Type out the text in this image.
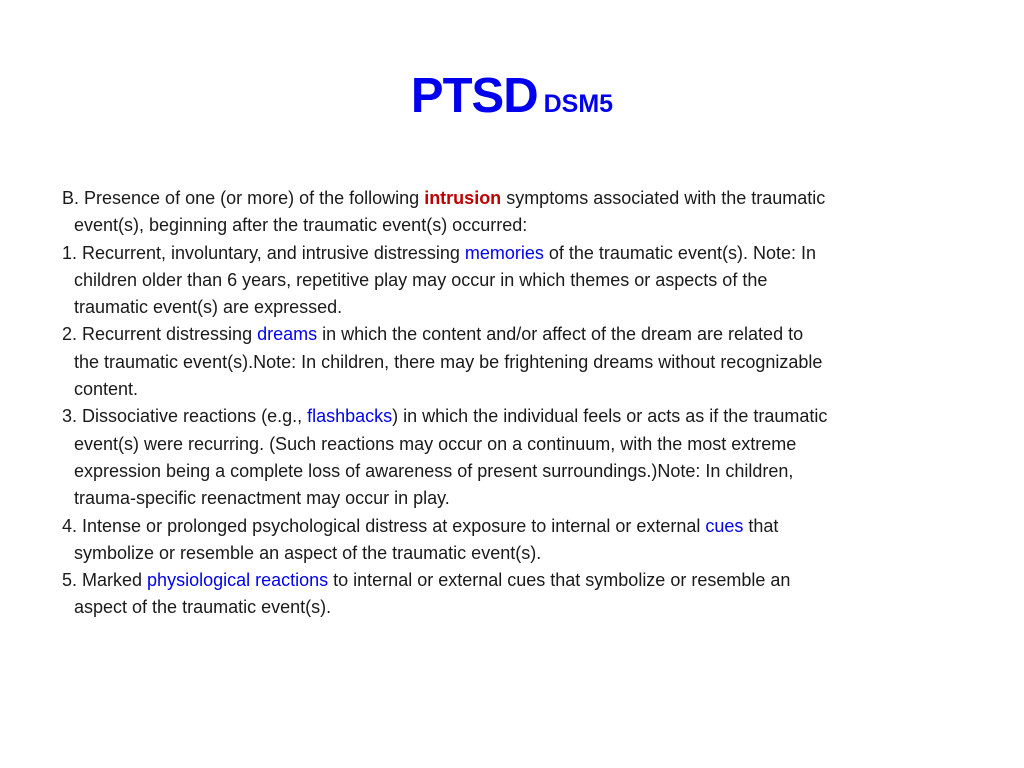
PTSD DSM5
B. Presence of one (or more) of the following intrusion symptoms associated with the traumatic
event(s), beginning after the traumatic event(s) occurred:
1. Recurrent, involuntary, and intrusive distressing memories of the traumatic event(s). Note: In
children older than 6 years, repetitive play may occur in which themes or aspects of the
traumatic event(s) are expressed.
2. Recurrent distressing dreams in which the content and/or affect of the dream are related to
the traumatic event(s).Note: In children, there may be frightening dreams without recognizable
content.
3. Dissociative reactions (e.g., flashbacks) in which the individual feels or acts as if the traumatic
event(s) were recurring. (Such reactions may occur on a continuum, with the most extreme
expression being a complete loss of awareness of present surroundings.)Note: In children,
trauma-specific reenactment may occur in play.
4. Intense or prolonged psychological distress at exposure to internal or external cues that
symbolize or resemble an aspect of the traumatic event(s).
5. Marked physiological reactions to internal or external cues that symbolize or resemble an
aspect of the traumatic event(s).
